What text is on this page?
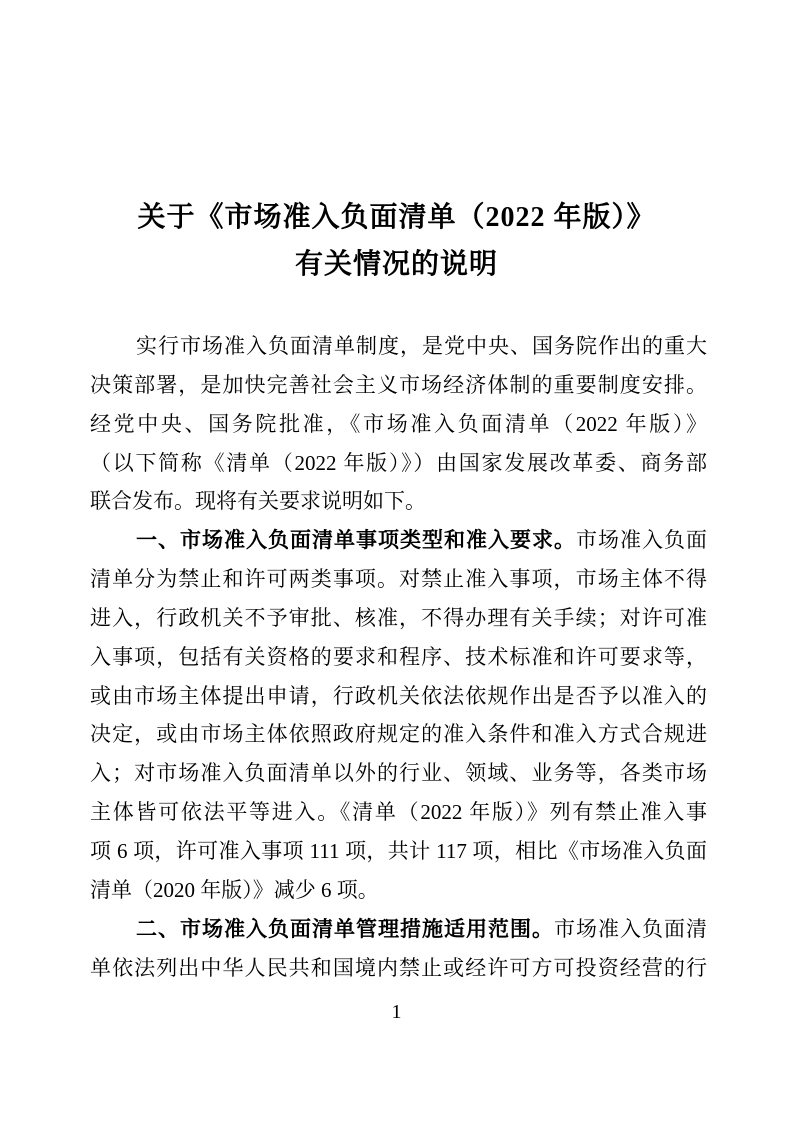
关于《市场准入负面清单（2022 年版）》
有关情况的说明
实行市场准入负面清单制度，是党中央、国务院作出的重大
决策部署，是加快完善社会主义市场经济体制的重要制度安排。
经党中央、国务院批准，《市场准入负面清单（2022 年版）》
（以下简称《清单（2022 年版）》）由国家发展改革委、商务部
联合发布。现将有关要求说明如下。
一、市场准入负面清单事项类型和准入要求。市场准入负面
清单分为禁止和许可两类事项。对禁止准入事项，市场主体不得
进入，行政机关不予审批、核准，不得办理有关手续；对许可准
入事项，包括有关资格的要求和程序、技术标准和许可要求等，
或由市场主体提出申请，行政机关依法依规作出是否予以准入的
决定，或由市场主体依照政府规定的准入条件和准入方式合规进
入；对市场准入负面清单以外的行业、领域、业务等，各类市场
主体皆可依法平等进入。《清单（2022 年版）》列有禁止准入事
项 6 项，许可准入事项 111 项，共计 117 项，相比《市场准入负面
清单（2020 年版）》减少 6 项。
二、市场准入负面清单管理措施适用范围。市场准入负面清
单依法列出中华人民共和国境内禁止或经许可方可投资经营的行
1
